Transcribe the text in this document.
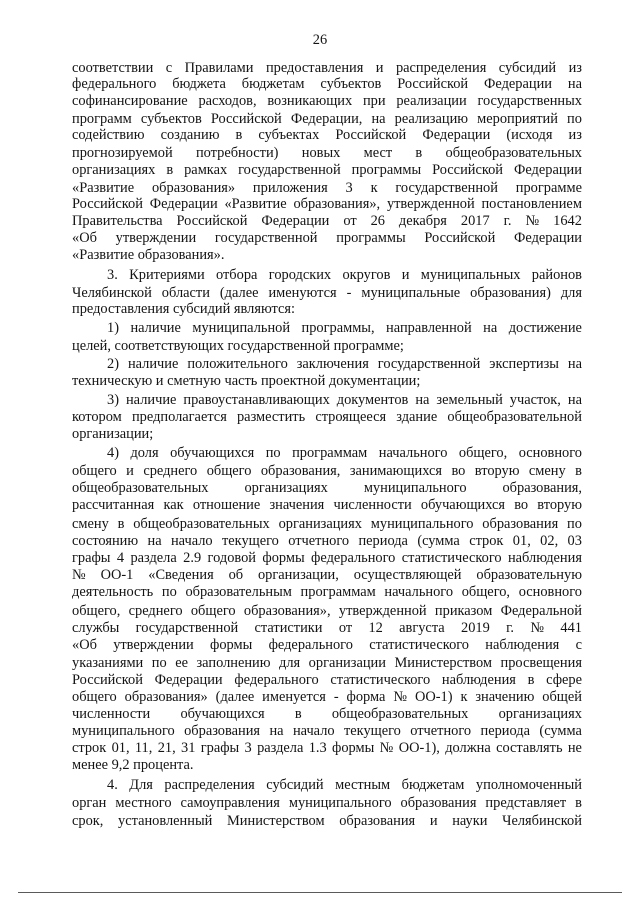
26
соответствии с Правилами предоставления и распределения субсидий из
федерального бюджета бюджетам субъектов Российской Федерации на
софинансирование расходов, возникающих при реализации государственных
программ субъектов Российской Федерации, на реализацию мероприятий по
содействию созданию в субъектах Российской Федерации (исходя из
прогнозируемой потребности) новых мест в общеобразовательных
организациях в рамках государственной программы Российской Федерации
«Развитие образования» приложения 3 к государственной программе
Российской Федерации «Развитие образования», утвержденной постановлением
Правительства Российской Федерации от 26 декабря 2017 г. № 1642
«Об утверждении государственной программы Российской Федерации
«Развитие образования».
3. Критериями отбора городских округов и муниципальных районов
Челябинской области (далее именуются - муниципальные образования) для
предоставления субсидий являются:
1) наличие муниципальной программы, направленной на достижение
целей, соответствующих государственной программе;
2) наличие положительного заключения государственной экспертизы на
техническую и сметную часть проектной документации;
3) наличие правоустанавливающих документов на земельный участок, на
котором предполагается разместить строящееся здание общеобразовательной
организации;
4) доля обучающихся по программам начального общего, основного
общего и среднего общего образования, занимающихся во вторую смену в
общеобразовательных организациях муниципального образования,
рассчитанная как отношение значения численности обучающихся во вторую
смену в общеобразовательных организациях муниципального образования по
состоянию на начало текущего отчетного периода (сумма строк 01, 02, 03
графы 4 раздела 2.9 годовой формы федерального статистического наблюдения
№ ОО-1 «Сведения об организации, осуществляющей образовательную
деятельность по образовательным программам начального общего, основного
общего, среднего общего образования», утвержденной приказом Федеральной
службы государственной статистики от 12 августа 2019 г. № 441
«Об утверждении формы федерального статистического наблюдения с
указаниями по ее заполнению для организации Министерством просвещения
Российской Федерации федерального статистического наблюдения в сфере
общего образования» (далее именуется - форма № ОО-1) к значению общей
численности обучающихся в общеобразовательных организациях
муниципального образования на начало текущего отчетного периода (сумма
строк 01, 11, 21, 31 графы 3 раздела 1.3 формы № ОО-1), должна составлять не
менее 9,2 процента.
4. Для распределения субсидий местным бюджетам уполномоченный
орган местного самоуправления муниципального образования представляет в
срок, установленный Министерством образования и науки Челябинской
